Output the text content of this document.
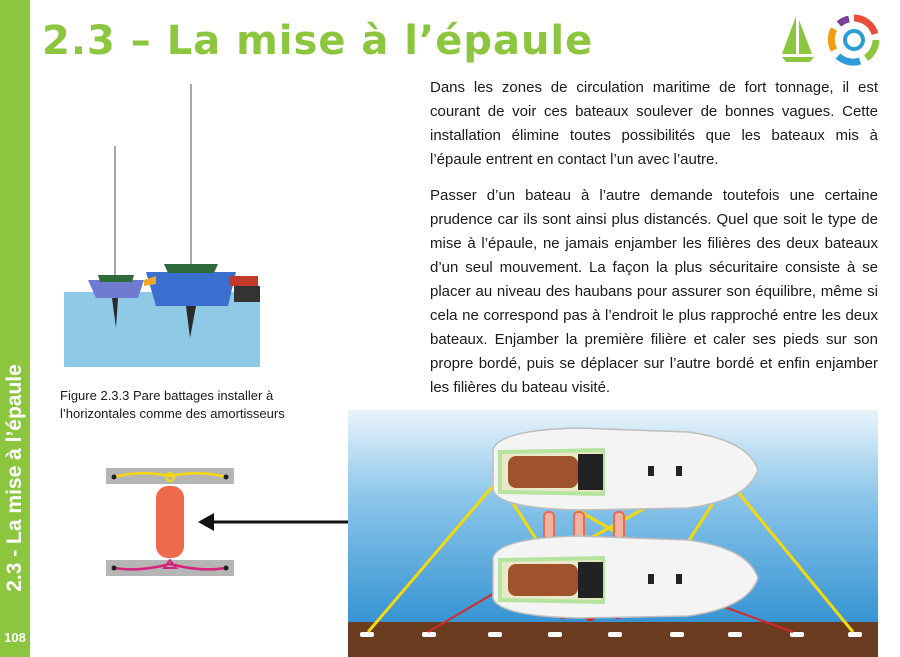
2.3 - La mise à l’épaule
108
2.3 – La mise à l’épaule

Dans les zones de circulation maritime de fort tonnage, il est courant de voir ces bateaux soulever de bonnes vagues. Cette installation élimine toutes possibilités que les bateaux mis à l’épaule entrent en contact l’un avec l’autre.

Passer d’un bateau à l’autre demande toutefois une certaine prudence car ils sont ainsi plus distancés. Quel que soit le type de mise à l’épaule, ne jamais enjamber les filières des deux bateaux d’un seul mouvement. La façon la plus sécuritaire consiste à se placer au niveau des haubans pour assurer son équilibre, même si cela ne correspond pas à l’endroit le plus rapproché entre les deux bateaux. Enjamber la première filière et caler ses pieds sur son propre bordé, puis se déplacer sur l’autre bordé et enfin enjamber les filières du bateau visité.

Figure 2.3.3 Pare battages installer à l’horizontales comme des amortisseurs
